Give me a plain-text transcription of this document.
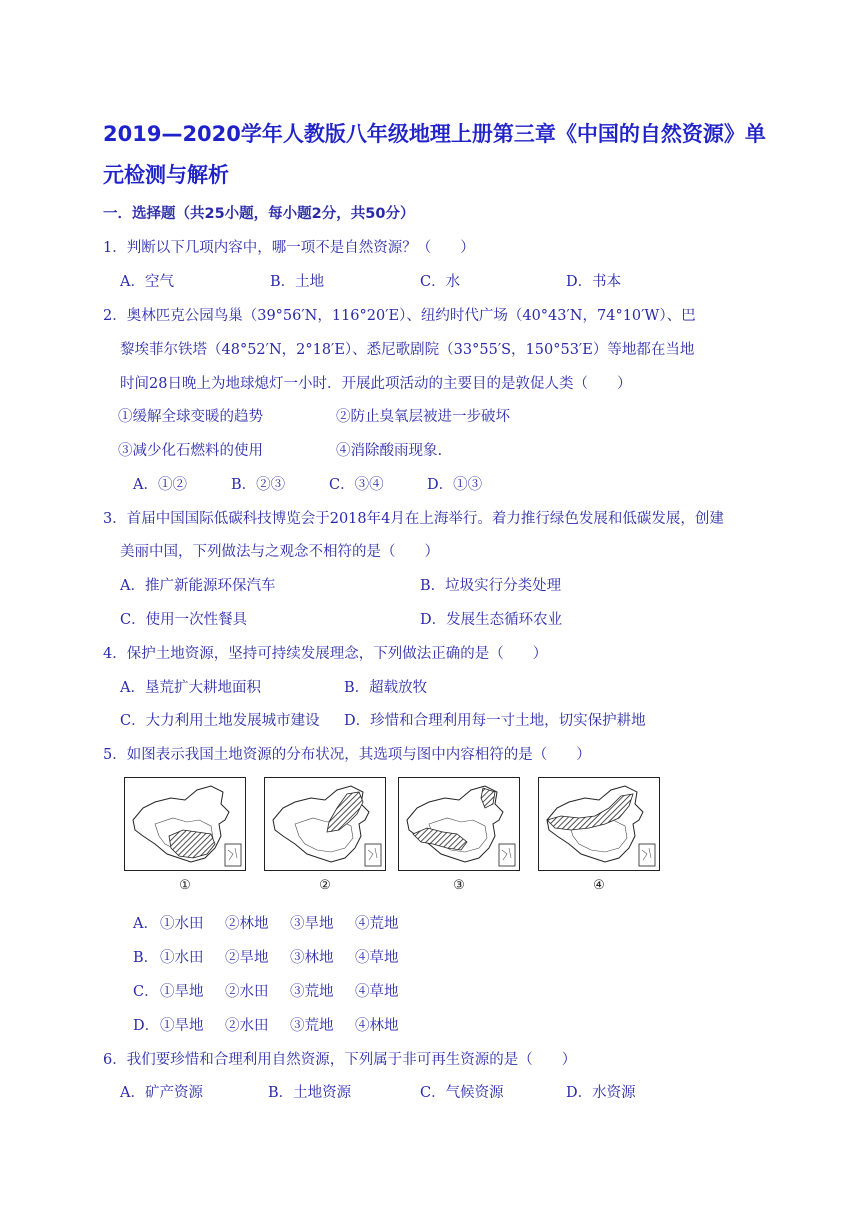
2019—2020学年人教版八年级地理上册第三章《中国的自然资源》单
元检测与解析
一．选择题（共25小题，每小题2分，共50分）
1．判断以下几项内容中，哪一项不是自然资源？（　　）
A．空气	B．土地	C．水	D．书本
2．奥林匹克公园鸟巢（39°56′N，116°20′E）、纽约时代广场（40°43′N，74°10′W）、巴
黎埃菲尔铁塔（48°52′N，2°18′E）、悉尼歌剧院（33°55′S，150°53′E）等地都在当地
时间28日晚上为地球熄灯一小时．开展此项活动的主要目的是敦促人类（　　）
①缓解全球变暖的趋势	②防止臭氧层被进一步破坏
③减少化石燃料的使用	④消除酸雨现象.
A．①②	B．②③	C．③④	D．①③
3．首届中国国际低碳科技博览会于2018年4月在上海举行。着力推行绿色发展和低碳发展，创建
美丽中国，下列做法与之观念不相符的是（　　）
A．推广新能源环保汽车	B．垃圾实行分类处理
C．使用一次性餐具	D．发展生态循环农业
4．保护土地资源，坚持可持续发展理念，下列做法正确的是（　　）
A．垦荒扩大耕地面积	B．超载放牧
C．大力利用土地发展城市建设 D．珍惜和合理利用每一寸土地，切实保护耕地
5．如图表示我国土地资源的分布状况，其选项与图中内容相符的是（　　）
①	②	③	④
A． ①水田 ②林地 ③旱地 ④荒地
B． ①水田 ②旱地 ③林地 ④草地
C． ①旱地 ②水田 ③荒地 ④草地
D． ①旱地 ②水田 ③荒地 ④林地
6．我们要珍惜和合理利用自然资源，下列属于非可再生资源的是（　　）
A．矿产资源	B．土地资源	C．气候资源	D．水资源
